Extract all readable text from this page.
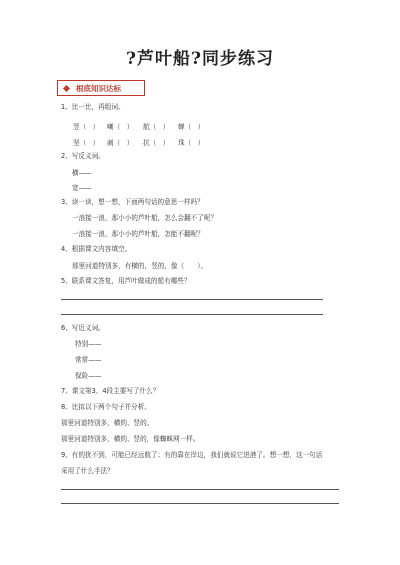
?芦叶船?同步练习
根底知识达标
1、比一比，再组词。
竖（　） 喇（　） 航（　） 蝉（　）
坚（　） 刺（　） 抗（　） 珠（　）
2、写反义词。
横——
宽——
3、读一读，想一想，下面两句话的意思一样吗？
一浪接一浪，那小小的芦叶船，怎么会翻不了呢？
一浪接一浪，那小小的芦叶船，怎能不翻呢？
4、根据课文内容填空。
那里河道特别多，有横的，竖的，像（　　）。
5、联系课文答复，用芦叶做成的船有哪些？
6、写近义词。
特别——
常常——
保险——
7、课文第3、4段主要写了什么？
8、比拟以下两个句子并分析。
那里河道特别多，横的、竖的。
那里河道特别多，横的、竖的，像蜘蛛网一样。
9、有的扰不到，可能已经远航了；有的靠在岸边，我们就说它进港了。想一想，这一句话
采用了什么手法？
